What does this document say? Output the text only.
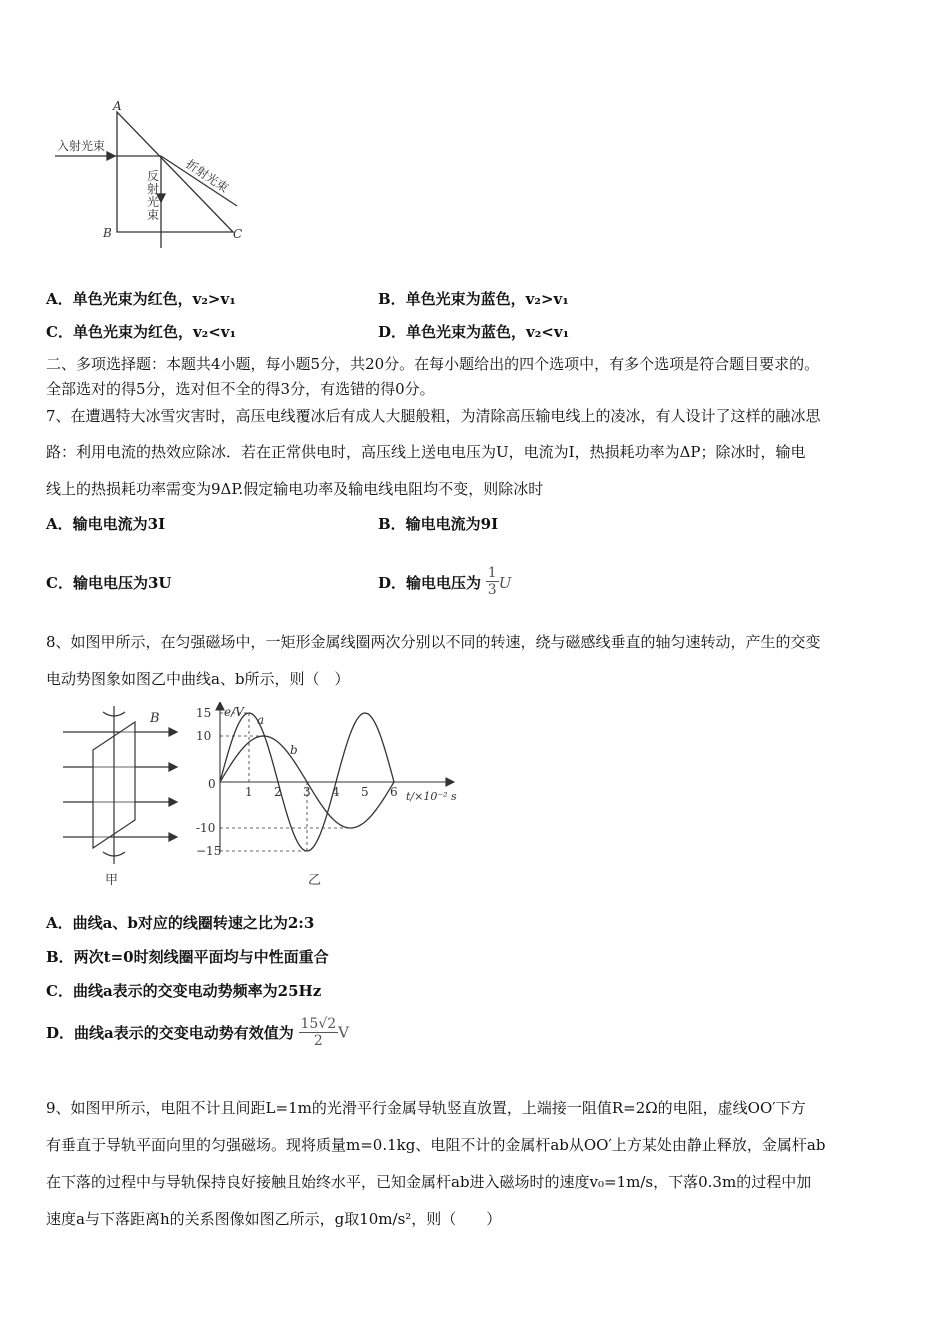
A
B	C
入射光束
折射光束
反射光束
A．单色光束为红色，v₂>v₁	B．单色光束为蓝色，v₂>v₁
C．单色光束为红色，v₂<v₁	D．单色光束为蓝色，v₂<v₁
二、多项选择题：本题共4小题，每小题5分，共20分。在每小题给出的四个选项中，有多个选项是符合题目要求的。
全部选对的得5分，选对但不全的得3分，有选错的得0分。
7、在遭遇特大冰雪灾害时，高压电线覆冰后有成人大腿般粗，为清除高压输电线上的凌冰，有人设计了这样的融冰思
路：利用电流的热效应除冰．若在正常供电时，高压线上送电电压为U，电流为I，热损耗功率为ΔP；除冰时，输电
线上的热损耗功率需变为9ΔP.假定输电功率及输电线电阻均不变，则除冰时
A．输电电流为3I	B．输电电流为9I
C．输电电压为3U	D．输电电压为 $\frac{1}{3}$ U
8、如图甲所示，在匀强磁场中，一矩形金属线圈两次分别以不同的转速，绕与磁感线垂直的轴匀速转动，产生的交变
电动势图象如图乙中曲线a、b所示，则（　）
B
甲
1 2 3 4 5 6
15
10
-10
−15
e/V
t/×10⁻² s
0
a
b
乙
A．曲线a、b对应的线圈转速之比为2:3
B．两次t=0时刻线圈平面均与中性面重合
C．曲线a表示的交变电动势频率为25Hz
D．曲线a表示的交变电动势有效值为 $\frac{15√2}{2}$ V
9、如图甲所示，电阻不计且间距L=1m的光滑平行金属导轨竖直放置，上端接一阻值R=2Ω的电阻，虚线OO′下方
有垂直于导轨平面向里的匀强磁场。现将质量m=0.1kg、电阻不计的金属杆ab从OO′上方某处由静止释放，金属杆ab
在下落的过程中与导轨保持良好接触且始终水平，已知金属杆ab进入磁场时的速度v₀=1m/s，下落0.3m的过程中加
速度a与下落距离h的关系图像如图乙所示，g取10m/s²，则（　　）
